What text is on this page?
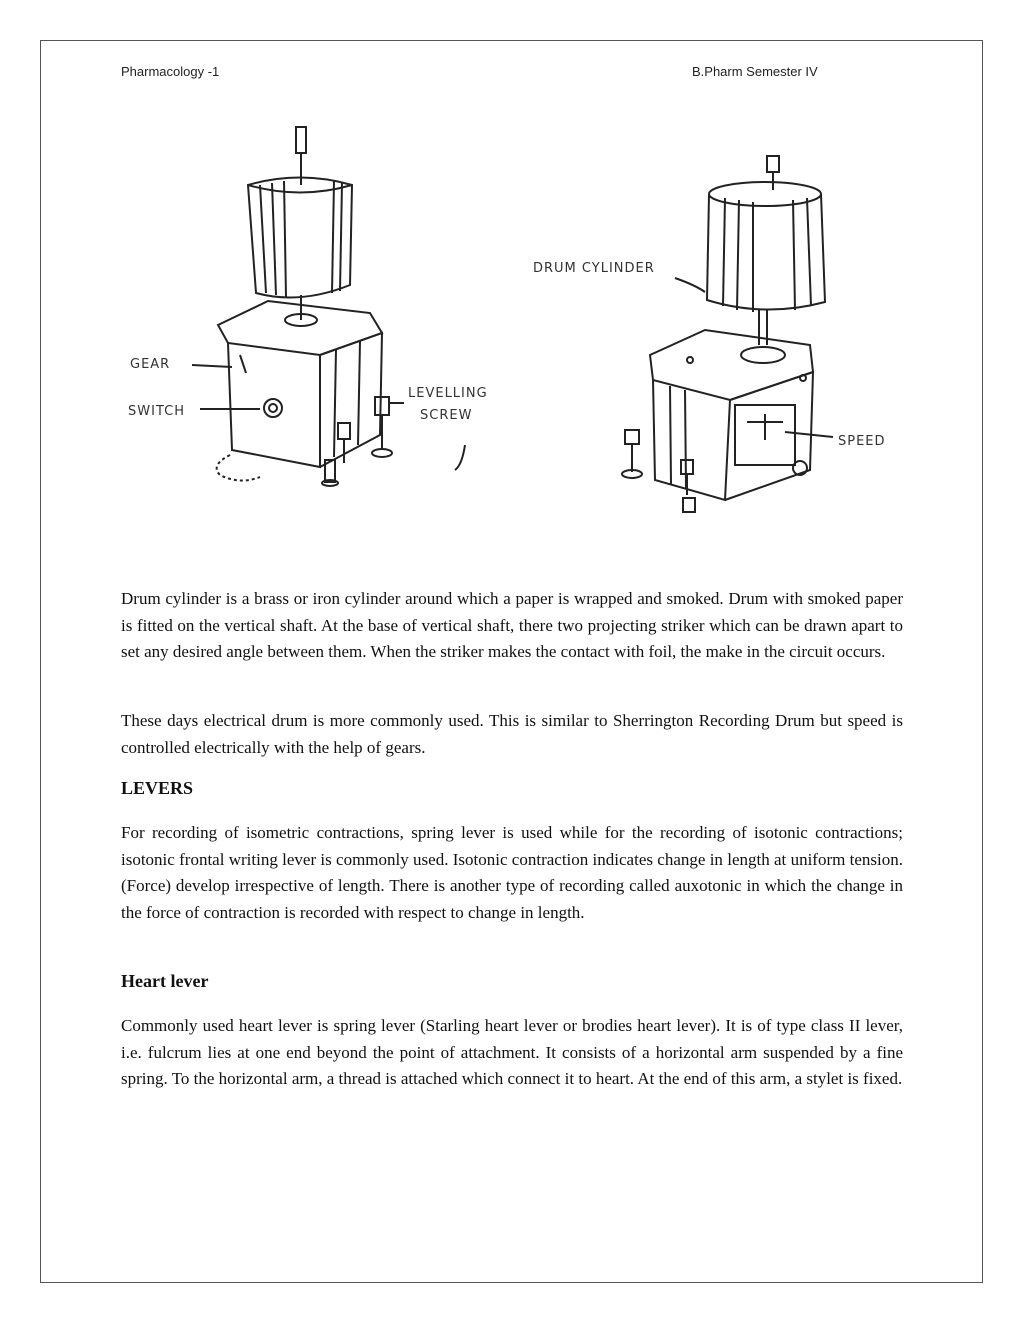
Pharmacology -1	B.Pharm Semester IV
GEAR
SWITCH
LEVELLING
SCREW
DRUM CYLINDER
SPEED

Drum cylinder is a brass or iron cylinder around which a paper is wrapped and smoked. Drum with smoked paper is fitted on the vertical shaft. At the base of vertical shaft, there two projecting striker which can be drawn apart to set any desired angle between them. When the striker makes the contact with foil, the make in the circuit occurs.

These days electrical drum is more commonly used. This is similar to Sherrington Recording Drum but speed is controlled electrically with the help of gears.

LEVERS

For recording of isometric contractions, spring lever is used while for the recording of isotonic contractions; isotonic frontal writing lever is commonly used. Isotonic contraction indicates change in length at uniform tension. (Force) develop irrespective of length. There is another type of recording called auxotonic in which the change in the force of contraction is recorded with respect to change in length.

Heart lever

Commonly used heart lever is spring lever (Starling heart lever or brodies heart lever). It is of type class II lever, i.e. fulcrum lies at one end beyond the point of attachment. It consists of a horizontal arm suspended by a fine spring. To the horizontal arm, a thread is attached which connect it to heart. At the end of this arm, a stylet is fixed.
